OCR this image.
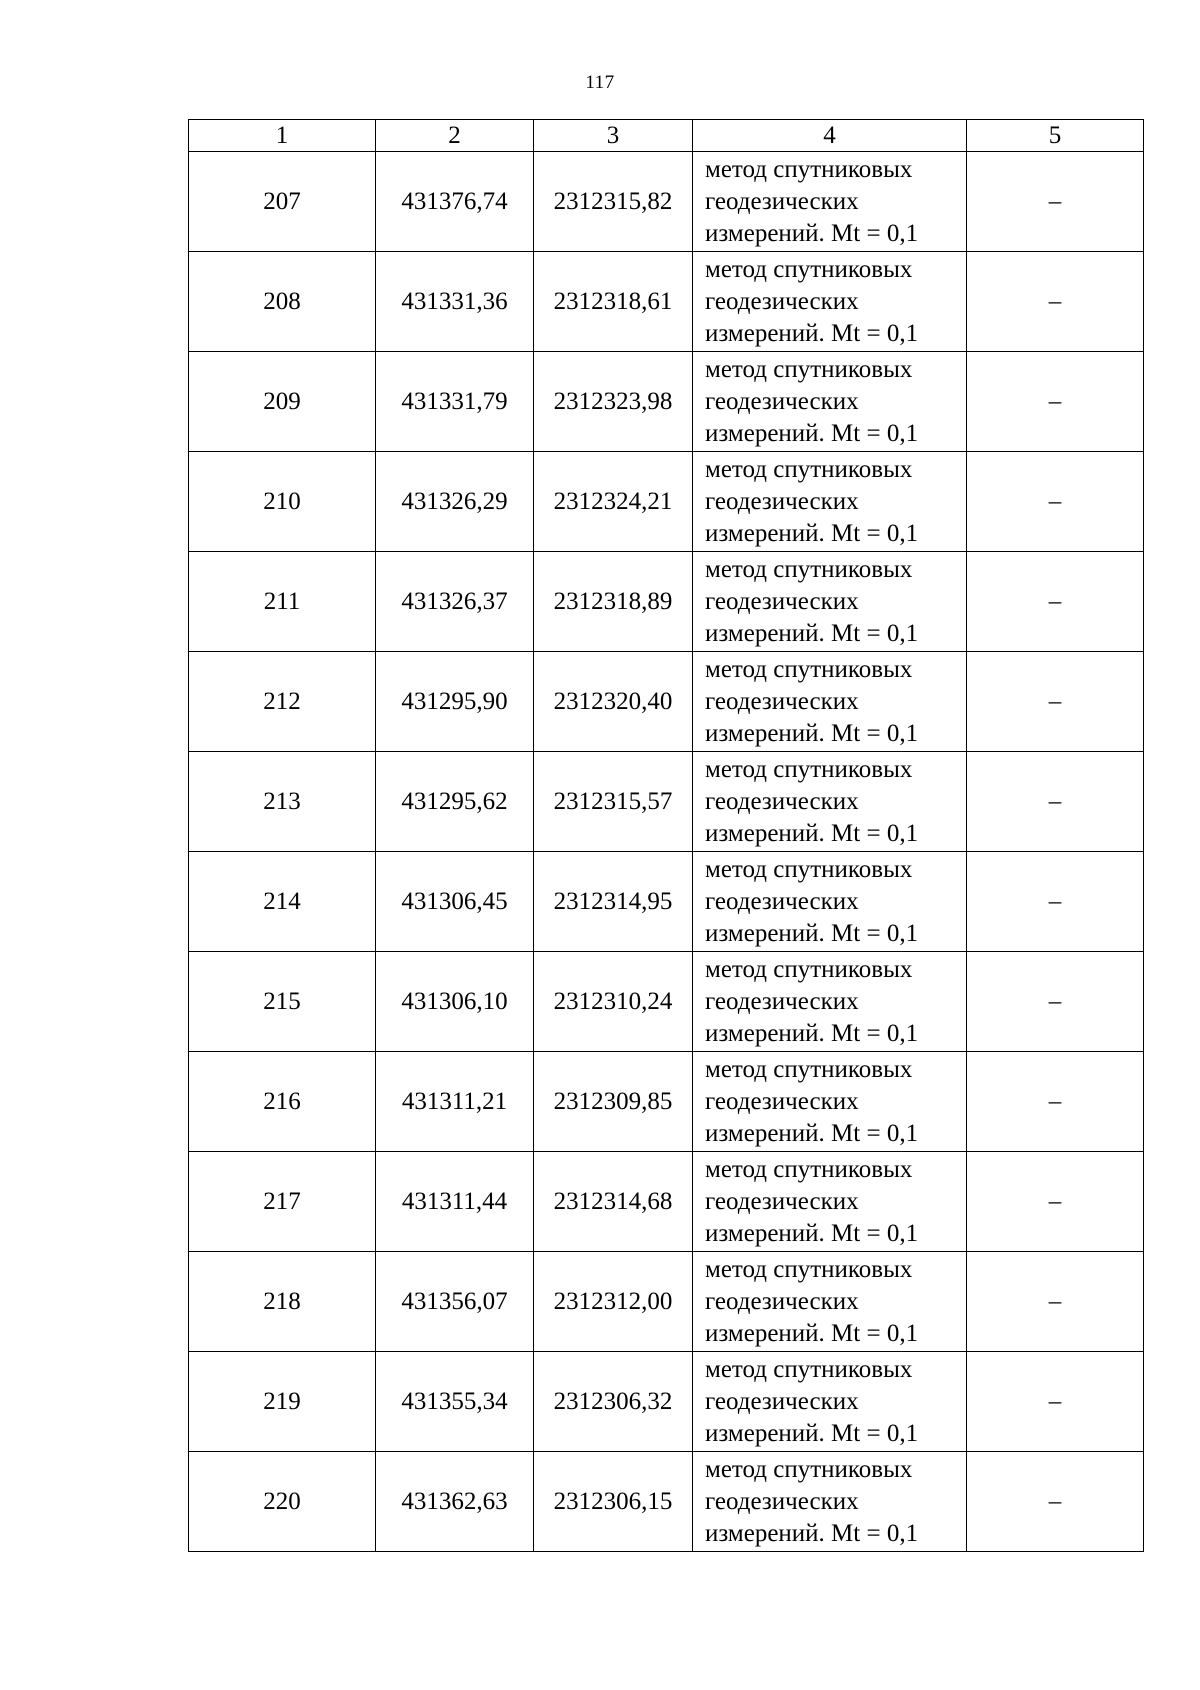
117
1	2	3	4	5
207	431376,74	2312315,82	метод спутниковых
геодезических
измерений. Mt = 0,1	–
208	431331,36	2312318,61	метод спутниковых
геодезических
измерений. Mt = 0,1	–
209	431331,79	2312323,98	метод спутниковых
геодезических
измерений. Mt = 0,1	–
210	431326,29	2312324,21	метод спутниковых
геодезических
измерений. Mt = 0,1	–
211	431326,37	2312318,89	метод спутниковых
геодезических
измерений. Mt = 0,1	–
212	431295,90	2312320,40	метод спутниковых
геодезических
измерений. Mt = 0,1	–
213	431295,62	2312315,57	метод спутниковых
геодезических
измерений. Mt = 0,1	–
214	431306,45	2312314,95	метод спутниковых
геодезических
измерений. Mt = 0,1	–
215	431306,10	2312310,24	метод спутниковых
геодезических
измерений. Mt = 0,1	–
216	431311,21	2312309,85	метод спутниковых
геодезических
измерений. Mt = 0,1	–
217	431311,44	2312314,68	метод спутниковых
геодезических
измерений. Mt = 0,1	–
218	431356,07	2312312,00	метод спутниковых
геодезических
измерений. Mt = 0,1	–
219	431355,34	2312306,32	метод спутниковых
геодезических
измерений. Mt = 0,1	–
220	431362,63	2312306,15	метод спутниковых
геодезических
измерений. Mt = 0,1	–
